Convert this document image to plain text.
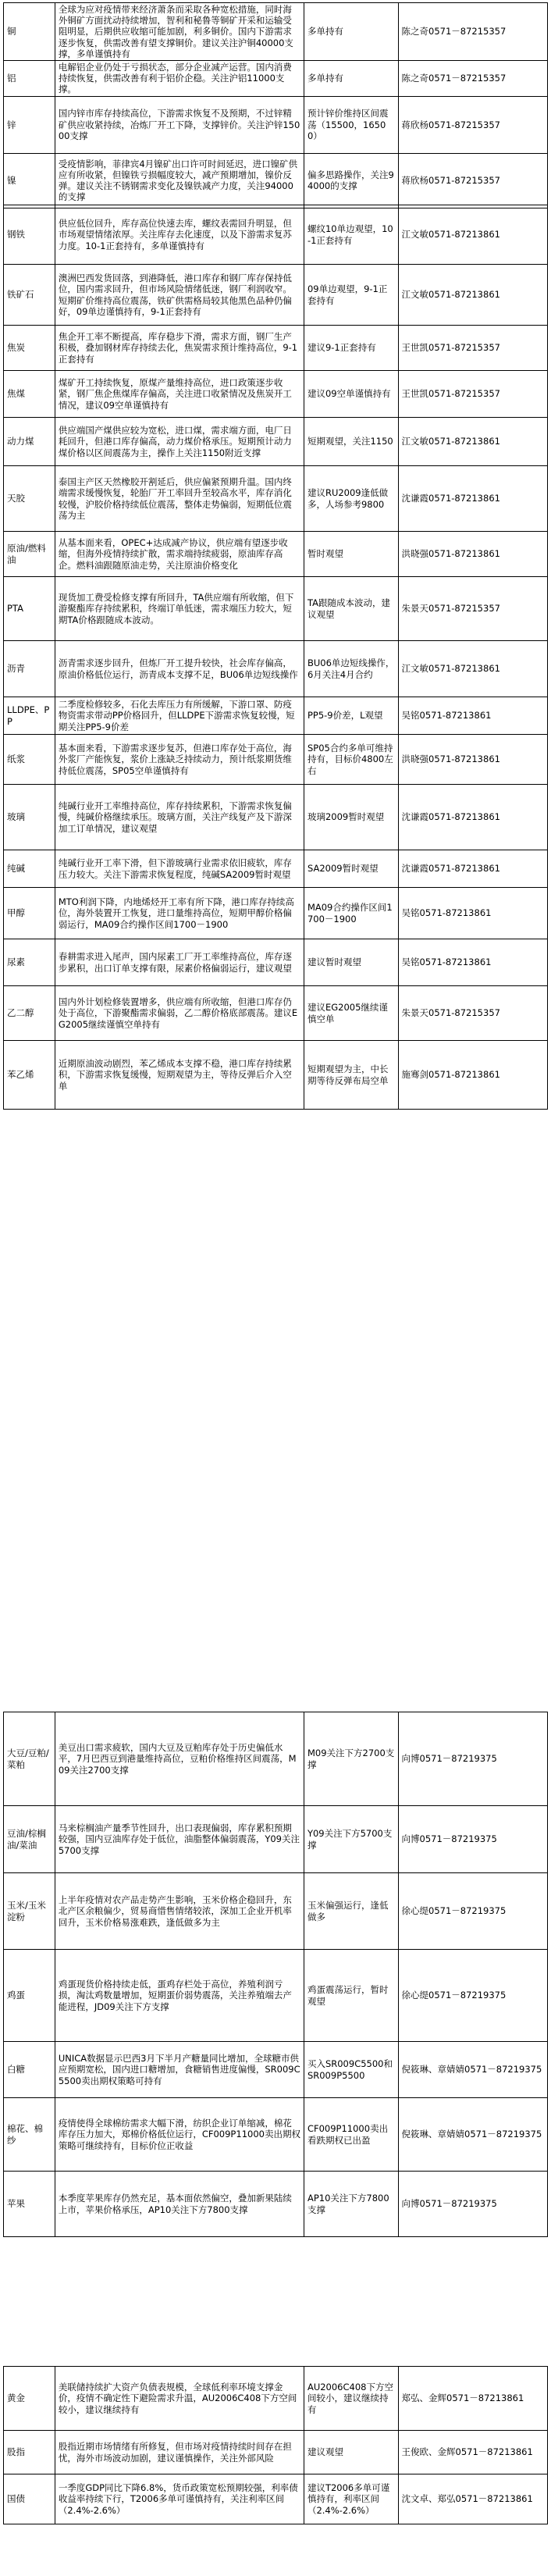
铜	全球为应对疫情带来经济萧条而采取各种宽松措施，同时海外铜矿方面扰动持续增加，智利和秘鲁等铜矿开采和运输受阻明显，后期供应收缩可能加剧，利多铜价。国内下游需求逐步恢复，供需改善有望支撑铜价。建议关注沪铜40000支撑，多单谨慎持有	多单持有	陈之奇0571－87215357
铝	电解铝企业仍处于亏损状态，部分企业减产运营。国内消费持续恢复，供需改善有利于铝价企稳。关注沪铝11000支撑。	多单持有	陈之奇0571－87215357
锌	国内锌市库存持续高位，下游需求恢复不及预期，不过锌精矿供应收紧持续，冶炼厂开工下降，支撑锌价。关注沪锌15000支撑	预计锌价维持区间震荡（15500，16500）	蒋欣杨0571-87215357
镍	受疫情影响，菲律宾4月镍矿出口许可时间延迟，进口镍矿供应有所收紧，但镍铁亏损幅度较大，减产预期增加，镍价反弹。建议关注不锈钢需求变化及镍铁减产力度，关注94000的支撑	偏多思路操作，关注94000的支撑	蒋欣杨0571-87215357
钢铁	供应低位回升，库存高位快速去库，螺纹表需回升明显，但市场观望情绪浓厚。关注库存去化速度，以及下游需求复苏力度。10-1正套持有，多单谨慎持有	螺纹10单边观望，10-1正套持有	江文敏0571-87213861
铁矿石	澳洲巴西发货回落，到港降低，港口库存和钢厂库存保持低位，国内需求回升，但市场风险情绪低迷，钢厂利润收窄。短期矿价维持高位震荡，铁矿供需格局较其他黑色品种仍偏好，09单边谨慎持有，9-1正套持有	09单边观望，9-1正套持有	江文敏0571-87213861
焦炭	焦企开工率不断提高，库存稳步下滑，需求方面，钢厂生产积极，叠加钢材库存持续去化，焦炭需求预计维持高位，9-1正套持有	建议9-1正套持有	王世凯0571-87215357
焦煤	煤矿开工持续恢复，原煤产量维持高位，进口政策逐步收紧，钢厂焦企焦煤库存偏高，关注进口收紧情况及焦炭开工情况，建议09空单谨慎持有	建议09空单谨慎持有	王世凯0571-87215357
动力煤	供应端国产煤供应较为宽松，进口煤，需求端方面，电厂日耗回升，但港口库存偏高，动力煤价格承压。短期预计动力煤价格以区间震荡为主，操作上关注1150附近支撑	短期观望，关注1150	江文敏0571-87213861
天胶	泰国主产区天然橡胶开割延后，供应偏紧预期升温。国内终端需求缓慢恢复，轮胎厂开工率回升至较高水平，库存消化较慢，沪胶价格持续低位震荡，整体走势偏弱，短期低位震荡为主	建议RU2009逢低做多，人场参考9800	沈谦霞0571-87213861
原油/燃料油	从基本面来看，OPEC+达成减产协议，供应端有望逐步收缩，但海外疫情持续扩散，需求端持续疲弱，原油库存高企。燃料油跟随原油走势，关注原油价格变化	暂时观望	洪晓强0571-87213861
PTA	现货加工费受检修支撑有所回升，TA供应端有所收缩，但下游聚酯库存持续累积，终端订单低迷，需求端压力较大，短期TA价格跟随成本波动。	TA跟随成本波动，建议观望	朱景天0571-87215357
沥青	沥青需求逐步回升，但炼厂开工提升较快，社会库存偏高，原油价格低位运行，沥青成本支撑不足，BU06单边短线操作	BU06单边短线操作，6月关注4月合约	江文敏0571-87213861
LLDPE、PP	二季度检修较多，石化去库压力有所缓解，下游口罩、防疫物资需求带动PP价格回升，但LLDPE下游需求恢复较慢，短期关注PP5-9价差	PP5-9价差，L观望	吴铭0571-87213861
纸浆	基本面来看，下游需求逐步复苏，但港口库存处于高位，海外浆厂产能恢复，浆价上涨缺乏持续动力，预计纸浆期货维持低位震荡，SP05空单谨慎持有	SP05合约多单可维持持有，目标价4800左右	洪晓强0571-87213861
玻璃	纯碱行业开工率维持高位，库存持续累积，下游需求恢复偏慢，纯碱价格继续承压。玻璃方面，关注产线复产及下游深加工订单情况，建议观望	玻璃2009暂时观望	沈谦霞0571-87213861
纯碱	纯碱行业开工率下滑，但下游玻璃行业需求依旧疲软，库存压力较大。关注下游需求恢复程度，纯碱SA2009暂时观望	SA2009暂时观望	沈谦霞0571-87213861
甲醇	MTO利润下降，内地烯烃开工率有所下降，港口库存持续高位，海外装置开工恢复，进口量维持高位，短期甲醇价格偏弱运行，MA09合约操作区间1700－1900	MA09合约操作区间1700－1900	吴铭0571-87213861
尿素	春耕需求进入尾声，国内尿素工厂开工率维持高位，库存逐步累积，出口订单支撑有限，尿素价格偏弱运行，建议观望	建议暂时观望	吴铭0571-87213861
乙二醇	国内外计划检修装置增多，供应端有所收缩，但港口库存仍处于高位，下游聚酯需求偏弱，乙二醇价格底部震荡。建议EG2005继续谨慎空单持有	建议EG2005继续谨慎空单	朱景天0571-87215357
苯乙烯	近期原油波动剧烈，苯乙烯成本支撑不稳，港口库存持续累积，下游需求恢复缓慢，短期观望为主，等待反弹后介入空单	短期观望为主，中长期等待反弹布局空单	施骞剑0571-87213861
大豆/豆粕/菜粕	美豆出口需求疲软，国内大豆及豆粕库存处于历史偏低水平，7月巴西豆到港量维持高位，豆粕价格维持区间震荡，M09关注2700支撑	M09关注下方2700支撑	向博0571－87219375
豆油/棕榈油/菜油	马来棕榈油产量季节性回升，出口表现偏弱，库存累积预期较强，国内豆油库存处于低位，油脂整体偏弱震荡，Y09关注5700支撑	Y09关注下方5700支撑	向博0571－87219375
玉米/玉米淀粉	上半年疫情对农产品走势产生影响，玉米价格企稳回升，东北产区余粮偏少，贸易商惜售情绪较浓，深加工企业开机率回升，玉米价格易涨难跌，逢低做多为主	玉米偏强运行，逢低做多	徐心缇0571－87219375
鸡蛋	鸡蛋现货价格持续走低，蛋鸡存栏处于高位，养殖利润亏损，淘汰鸡数量增加，短期蛋价弱势震荡，关注养殖端去产能进程，JD09关注下方支撑	鸡蛋震荡运行，暂时观望	徐心缇0571－87219375
白糖	UNICA数据显示巴西3月下半月产糖量同比增加，全球糖市供应预期宽松，国内进口糖增加，食糖销售进度偏慢，SR009C5500卖出期权策略可持有	买入SR009C5500和SR009P5500	倪筱琳、章婧婧0571－87219375
棉花、棉纱	疫情使得全球棉纺需求大幅下滑，纺织企业订单缩减，棉花库存压力加大，郑棉价格低位运行，CF009P11000卖出期权策略可继续持有，目标价位正收益	CF009P11000卖出看跌期权已出盈	倪筱琳、章婧婧0571－87219375
苹果	本季度苹果库存仍然充足，基本面依然偏空，叠加新果陆续上市，苹果价格承压，AP10关注下方7800支撑	AP10关注下方7800支撑	向博0571－87219375
黄金	美联储持续扩大资产负债表规模，全球低利率环境支撑金价，疫情不确定性下避险需求升温，AU2006C408下方空间较小，建议继续持有	AU2006C408下方空间较小，建议继续持有	郑弘、金辉0571－87213861
股指	股指近期市场情绪有所修复，但市场对疫情持续时间存在担忧，海外市场波动加剧，建议谨慎操作，关注外部风险	建议观望	王俊欧、金辉0571－87213861
国债	一季度GDP同比下降6.8%，货币政策宽松预期较强，利率债收益率持续下行，T2006多单可谨慎持有，关注利率区间（2.4%-2.6%）	建议T2006多单可谨慎持有，利率区间（2.4%-2.6%）	沈文卓、郑弘0571－87213861
